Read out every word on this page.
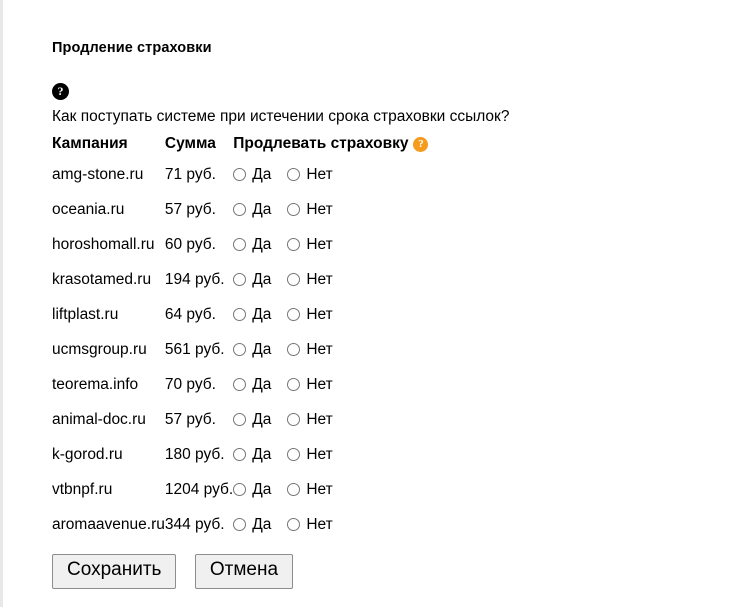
Продление страховки
?
Как поступать системе при истечении срока страховки ссылок?
Кампания	Сумма	Продлевать страховку ?
amg-stone.ru	71 руб.	Да Нет
oceania.ru	57 руб.	Да Нет
horoshomall.ru	60 руб.	Да Нет
krasotamed.ru	194 руб.	Да Нет
liftplast.ru	64 руб.	Да Нет
ucmsgroup.ru	561 руб.	Да Нет
teorema.info	70 руб.	Да Нет
animal-doc.ru	57 руб.	Да Нет
k-gorod.ru	180 руб.	Да Нет
vtbnpf.ru	1204 руб.	Да Нет
aromaavenue.ru	344 руб.	Да Нет
Сохранить	Отмена
